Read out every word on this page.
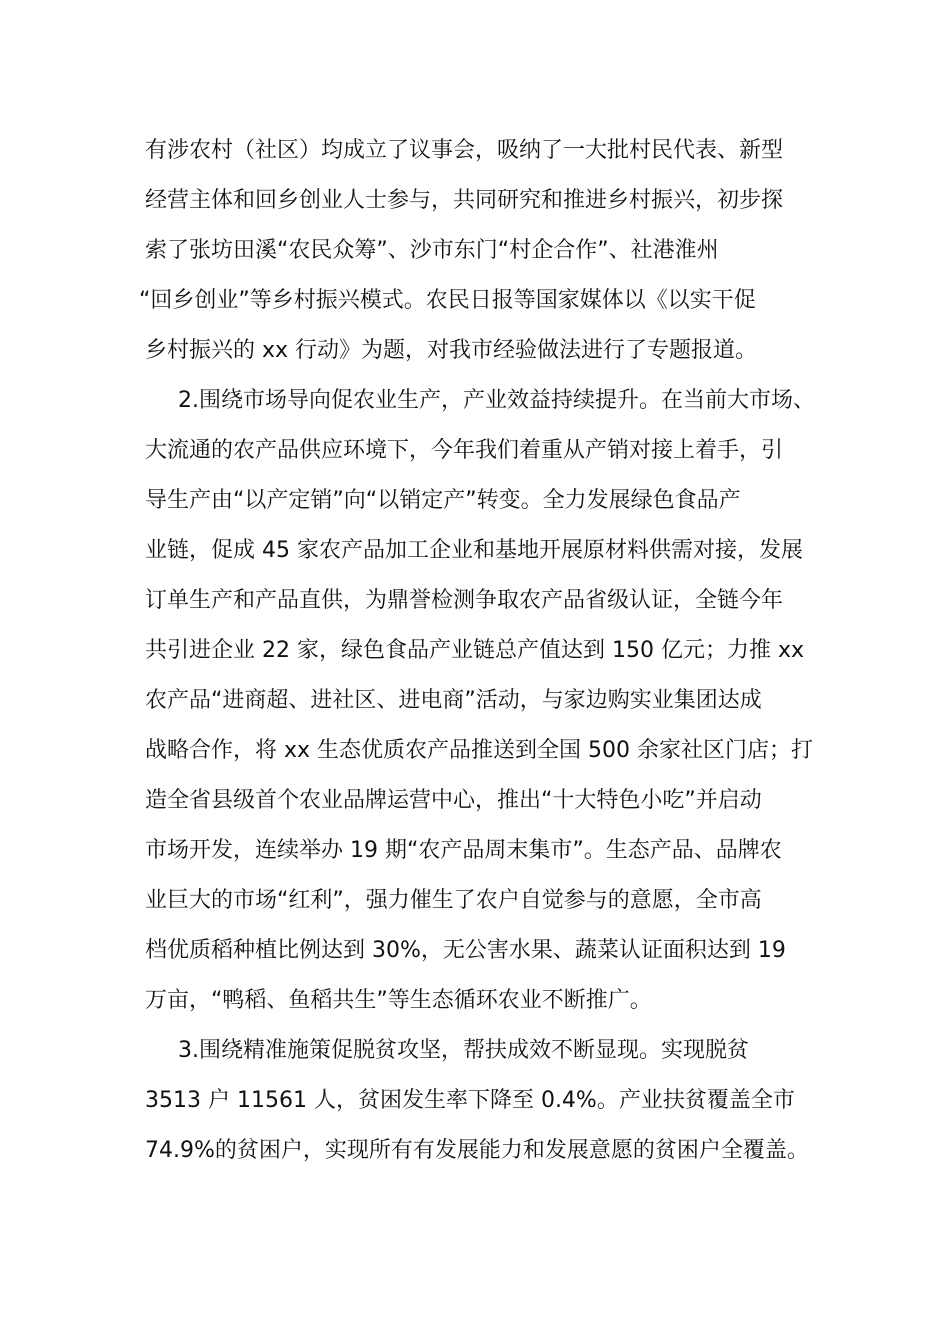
有涉农村（社区）均成立了议事会，吸纳了一大批村民代表、新型
经营主体和回乡创业人士参与，共同研究和推进乡村振兴，初步探
索了张坊田溪“农民众筹”、沙市东门“村企合作”、社港淮州
“回乡创业”等乡村振兴模式。农民日报等国家媒体以《以实干促
乡村振兴的 xx 行动》为题，对我市经验做法进行了专题报道。
2.围绕市场导向促农业生产，产业效益持续提升。在当前大市场、
大流通的农产品供应环境下，今年我们着重从产销对接上着手，引
导生产由“以产定销”向“以销定产”转变。全力发展绿色食品产
业链，促成 45 家农产品加工企业和基地开展原材料供需对接，发展
订单生产和产品直供，为鼎誉检测争取农产品省级认证，全链今年
共引进企业 22 家，绿色食品产业链总产值达到 150 亿元；力推 xx
农产品“进商超、进社区、进电商”活动，与家边购实业集团达成
战略合作，将 xx 生态优质农产品推送到全国 500 余家社区门店；打
造全省县级首个农业品牌运营中心，推出“十大特色小吃”并启动
市场开发，连续举办 19 期“农产品周末集市”。生态产品、品牌农
业巨大的市场“红利”，强力催生了农户自觉参与的意愿，全市高
档优质稻种植比例达到 30%，无公害水果、蔬菜认证面积达到 19
万亩，“鸭稻、鱼稻共生”等生态循环农业不断推广。
3.围绕精准施策促脱贫攻坚，帮扶成效不断显现。实现脱贫
3513 户 11561 人，贫困发生率下降至 0.4%。产业扶贫覆盖全市
74.9%的贫困户，实现所有有发展能力和发展意愿的贫困户全覆盖。
